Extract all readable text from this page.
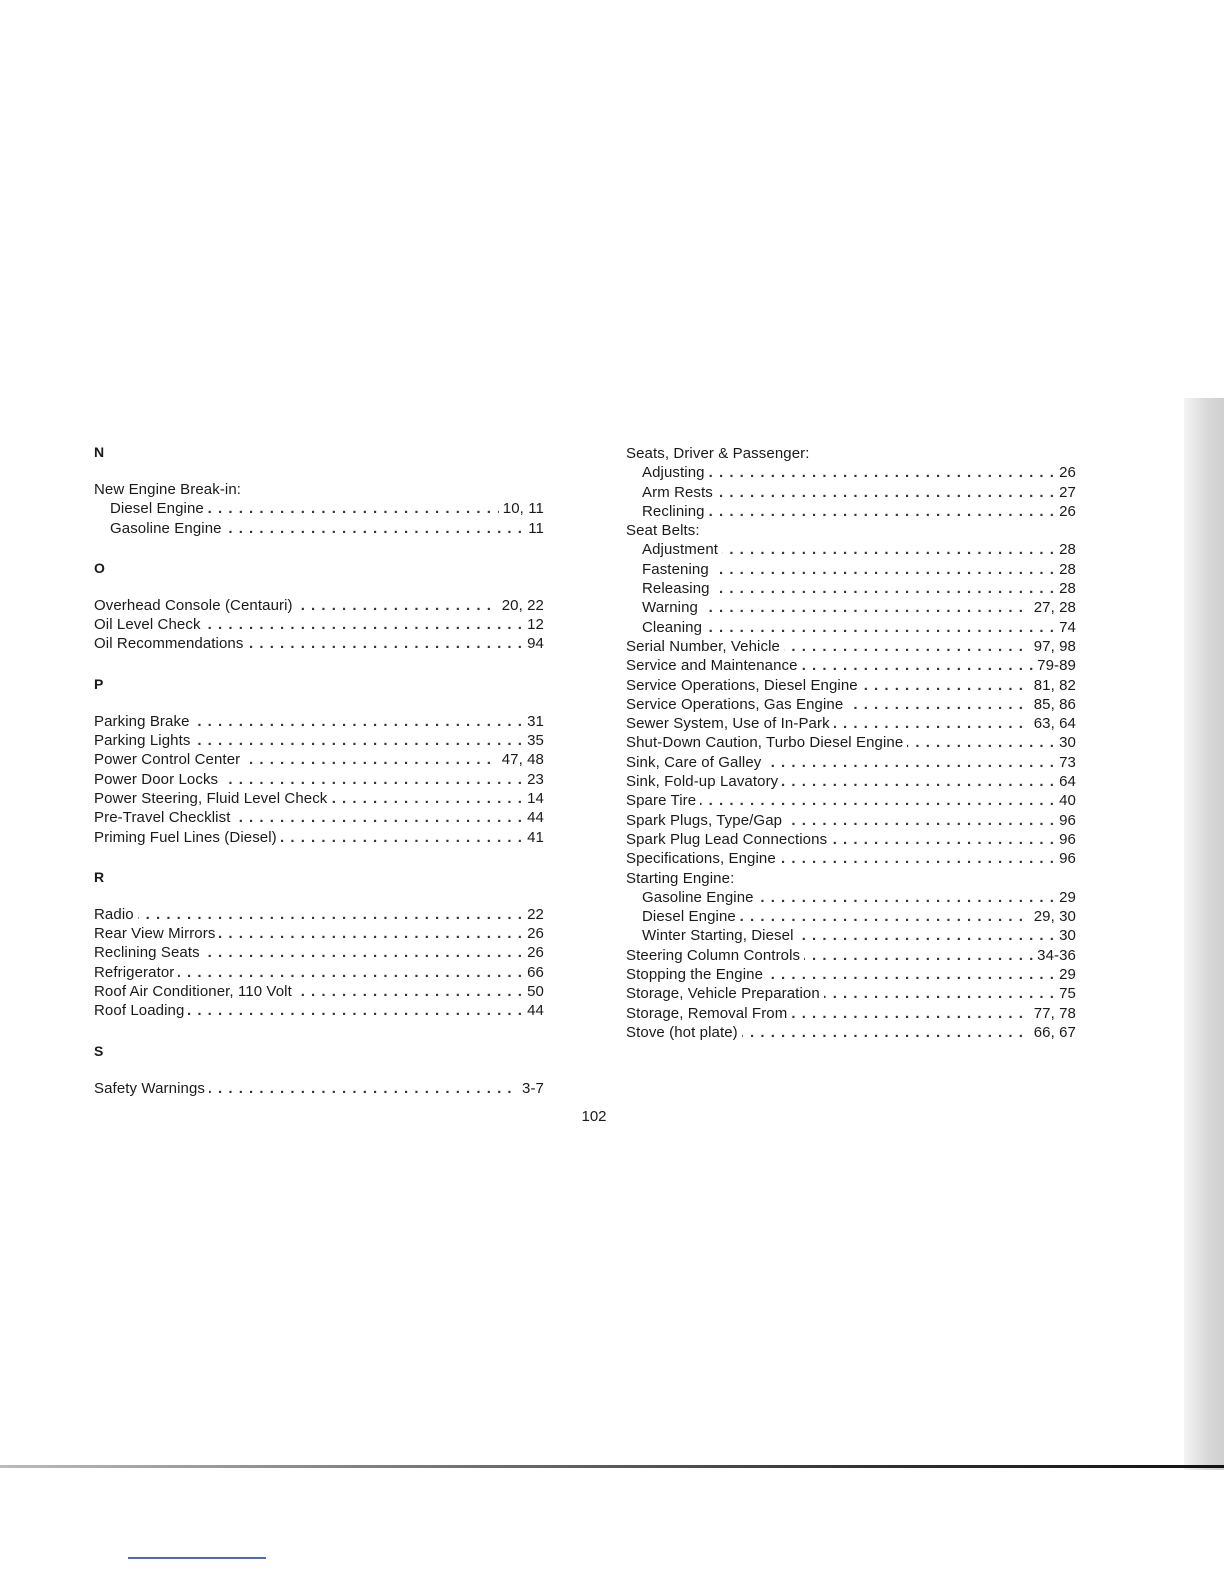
N
New Engine Break-in:
. . . Diesel Engine	10, 11
. . . Gasoline Engine	11
O
. . . Overhead Console (Centauri)	20, 22
. . . Oil Level Check	12
. . . Oil Recommendations	94
P
. . . Parking Brake	31
. . . Parking Lights	35
. . . Power Control Center	47, 48
. . . Power Door Locks	23
. . . Power Steering, Fluid Level Check	14
. . . Pre-Travel Checklist	44
. . . Priming Fuel Lines (Diesel)	41
R
. . . Radio	22
. . . Rear View Mirrors	26
. . . Reclining Seats	26
. . . Refrigerator	66
. . . Roof Air Conditioner, 110 Volt	50
. . . Roof Loading	44
S
. . . Safety Warnings	3-7
Seats, Driver & Passenger:
. . . Adjusting	26
. . . Arm Rests	27
. . . Reclining	26
Seat Belts:
. . . Adjustment	28
. . . Fastening	28
. . . Releasing	28
. . . Warning	27, 28
. . . Cleaning	74
. . . Serial Number, Vehicle	97, 98
. . . Service and Maintenance	79-89
. . . Service Operations, Diesel Engine	81, 82
. . . Service Operations, Gas Engine	85, 86
. . . Sewer System, Use of In-Park	63, 64
. . . Shut-Down Caution, Turbo Diesel Engine	30
. . . Sink, Care of Galley	73
. . . Sink, Fold-up Lavatory	64
. . . Spare Tire	40
. . . Spark Plugs, Type/Gap	96
. . . Spark Plug Lead Connections	96
. . . Specifications, Engine	96
Starting Engine:
. . . Gasoline Engine	29
. . . Diesel Engine	29, 30
. . . Winter Starting, Diesel	30
. . . Steering Column Controls	34-36
. . . Stopping the Engine	29
. . . Storage, Vehicle Preparation	75
. . . Storage, Removal From	77, 78
. . . Stove (hot plate)	66, 67
102
